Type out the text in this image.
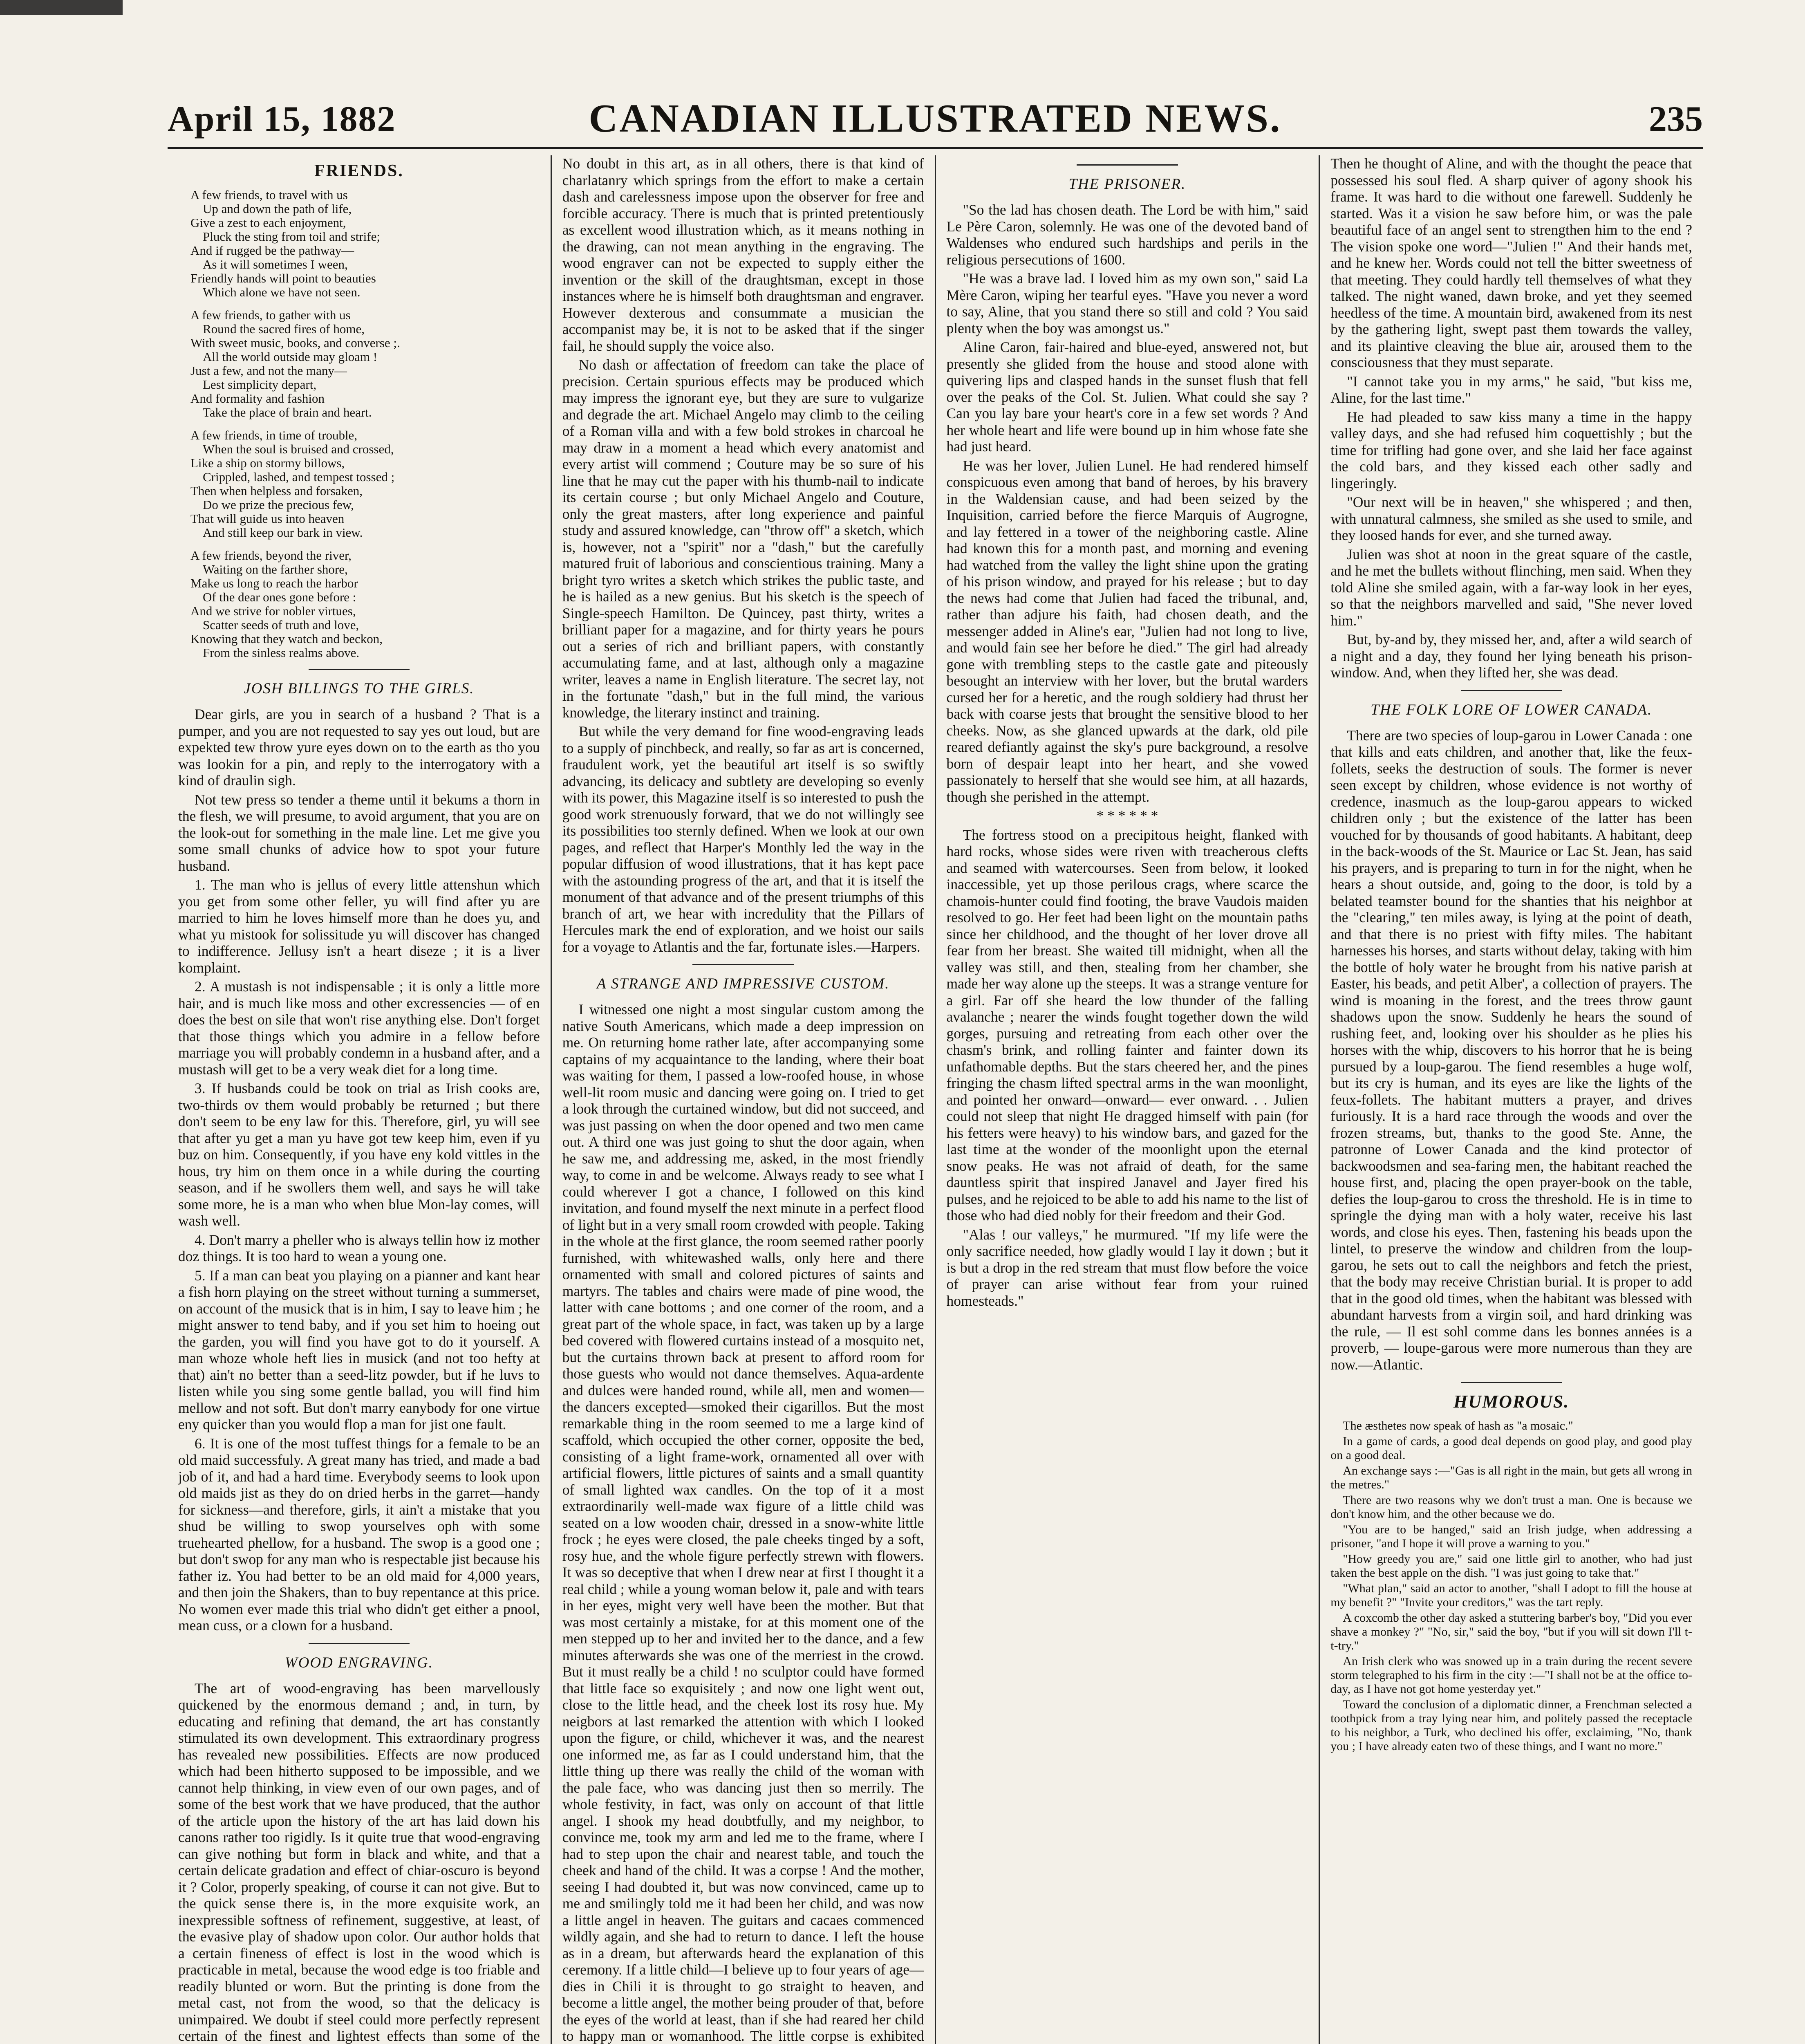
April 15, 1882	CANADIAN ILLUSTRATED NEWS.	235
FRIENDS.
A few friends, to travel with us
Up and down the path of life,
Give a zest to each enjoyment,
Pluck the sting from toil and strife;
And if rugged be the pathway—
As it will sometimes I ween,
Friendly hands will point to beauties
Which alone we have not seen.
A few friends, to gather with us
Round the sacred fires of home,
With sweet music, books, and converse ;.
All the world outside may gloam !
Just a few, and not the many—
Lest simplicity depart,
And formality and fashion
Take the place of brain and heart.
A few friends, in time of trouble,
When the soul is bruised and crossed,
Like a ship on stormy billows,
Crippled, lashed, and tempest tossed ;
Then when helpless and forsaken,
Do we prize the precious few,
That will guide us into heaven
And still keep our bark in view.
A few friends, beyond the river,
Waiting on the farther shore,
Make us long to reach the harbor
Of the dear ones gone before :
And we strive for nobler virtues,
Scatter seeds of truth and love,
Knowing that they watch and beckon,
From the sinless realms above.
JOSH BILLINGS TO THE GIRLS.

Dear girls, are you in search of a husband ? That is a pumper, and you are not requested to say yes out loud, but are expekted tew throw yure eyes down on to the earth as tho you was lookin for a pin, and reply to the interrogatory with a kind of draulin sigh.

Not tew press so tender a theme until it bekums a thorn in the flesh, we will presume, to avoid argument, that you are on the look-out for something in the male line. Let me give you some small chunks of advice how to spot your future husband.

1. The man who is jellus of every little attenshun which you get from some other feller, yu will find after yu are married to him he loves himself more than he does yu, and what yu mistook for solissitude yu will discover has changed to indifference. Jellusy isn't a heart diseze ; it is a liver komplaint.

2. A mustash is not indispensable ; it is only a little more hair, and is much like moss and other excressencies — of en does the best on sile that won't rise anything else. Don't forget that those things which you admire in a fellow before marriage you will probably condemn in a husband after, and a mustash will get to be a very weak diet for a long time.

3. If husbands could be took on trial as Irish cooks are, two-thirds ov them would probably be returned ; but there don't seem to be eny law for this. Therefore, girl, yu will see that after yu get a man yu have got tew keep him, even if yu buz on him. Consequently, if you have eny kold vittles in the hous, try him on them once in a while during the courting season, and if he swollers them well, and says he will take some more, he is a man who when blue Mon-lay comes, will wash well.

4. Don't marry a pheller who is always tellin how iz mother doz things. It is too hard to wean a young one.

5. If a man can beat you playing on a pianner and kant hear a fish horn playing on the street without turning a summerset, on account of the musick that is in him, I say to leave him ; he might answer to tend baby, and if you set him to hoeing out the garden, you will find you have got to do it yourself. A man whoze whole heft lies in musick (and not too hefty at that) ain't no better than a seed-litz powder, but if he luvs to listen while you sing some gentle ballad, you will find him mellow and not soft. But don't marry eanybody for one virtue eny quicker than you would flop a man for jist one fault.

6. It is one of the most tuffest things for a female to be an old maid successfuly. A great many has tried, and made a bad job of it, and had a hard time. Everybody seems to look upon old maids jist as they do on dried herbs in the garret—handy for sickness—and therefore, girls, it ain't a mistake that you shud be willing to swop yourselves oph with some truehearted phellow, for a husband. The swop is a good one ; but don't swop for any man who is respectable jist because his father iz. You had better to be an old maid for 4,000 years, and then join the Shakers, than to buy repentance at this price. No women ever made this trial who didn't get either a pnool, mean cuss, or a clown for a husband.

WOOD ENGRAVING.

The art of wood-engraving has been marvellously quickened by the enormous demand ; and, in turn, by educating and refining that demand, the art has constantly stimulated its own development. This extraordinary progress has revealed new possibilities. Effects are now produced which had been hitherto supposed to be impossible, and we cannot help thinking, in view even of our own pages, and of some of the best work that we have produced, that the author of the article upon the history of the art has laid down his canons rather too rigidly. Is it quite true that wood-engraving can give nothing but form in black and white, and that a certain delicate gradation and effect of chiar-oscuro is beyond it ? Color, properly speaking, of course it can not give. But to the quick sense there is, in the more exquisite work, an inexpressible softness of refinement, suggestive, at least, of the evasive play of shadow upon color. Our author holds that a certain fineness of effect is lost in the wood which is practicable in metal, because the wood edge is too friable and readily blunted or worn. But the printing is done from the metal cast, not from the wood, so that the delicacy is unimpaired. We doubt if steel could more perfectly represent certain of the finest and lightest effects than some of the

No doubt in this art, as in all others, there is that kind of charlatanry which springs from the effort to make a certain dash and carelessness impose upon the observer for free and forcible accuracy. There is much that is printed pretentiously as excellent wood illustration which, as it means nothing in the drawing, can not mean anything in the engraving. The wood engraver can not be expected to supply either the invention or the skill of the draughtsman, except in those instances where he is himself both draughtsman and engraver. However dexterous and consummate a musician the accompanist may be, it is not to be asked that if the singer fail, he should supply the voice also.

No dash or affectation of freedom can take the place of precision. Certain spurious effects may be produced which may impress the ignorant eye, but they are sure to vulgarize and degrade the art. Michael Angelo may climb to the ceiling of a Roman villa and with a few bold strokes in charcoal he may draw in a moment a head which every anatomist and every artist will commend ; Couture may be so sure of his line that he may cut the paper with his thumb-nail to indicate its certain course ; but only Michael Angelo and Couture, only the great masters, after long experience and painful study and assured knowledge, can "throw off" a sketch, which is, however, not a "spirit" nor a "dash," but the carefully matured fruit of laborious and conscientious training. Many a bright tyro writes a sketch which strikes the public taste, and he is hailed as a new genius. But his sketch is the speech of Single-speech Hamilton. De Quincey, past thirty, writes a brilliant paper for a magazine, and for thirty years he pours out a series of rich and brilliant papers, with constantly accumulating fame, and at last, although only a magazine writer, leaves a name in English literature. The secret lay, not in the fortunate "dash," but in the full mind, the various knowledge, the literary instinct and training.

But while the very demand for fine wood-engraving leads to a supply of pinchbeck, and really, so far as art is concerned, fraudulent work, yet the beautiful art itself is so swiftly advancing, its delicacy and subtlety are developing so evenly with its power, this Magazine itself is so interested to push the good work strenuously forward, that we do not willingly see its possibilities too sternly defined. When we look at our own pages, and reflect that Harper's Monthly led the way in the popular diffusion of wood illustrations, that it has kept pace with the astounding progress of the art, and that it is itself the monument of that advance and of the present triumphs of this branch of art, we hear with incredulity that the Pillars of Hercules mark the end of exploration, and we hoist our sails for a voyage to Atlantis and the far, fortunate isles.—Harpers.

A STRANGE AND IMPRESSIVE CUSTOM.

I witnessed one night a most singular custom among the native South Americans, which made a deep impression on me. On returning home rather late, after accompanying some captains of my acquaintance to the landing, where their boat was waiting for them, I passed a low-roofed house, in whose well-lit room music and dancing were going on. I tried to get a look through the curtained window, but did not succeed, and was just passing on when the door opened and two men came out. A third one was just going to shut the door again, when he saw me, and addressing me, asked, in the most friendly way, to come in and be welcome. Always ready to see what I could wherever I got a chance, I followed on this kind invitation, and found myself the next minute in a perfect flood of light but in a very small room crowded with people. Taking in the whole at the first glance, the room seemed rather poorly furnished, with whitewashed walls, only here and there ornamented with small and colored pictures of saints and martyrs. The tables and chairs were made of pine wood, the latter with cane bottoms ; and one corner of the room, and a great part of the whole space, in fact, was taken up by a large bed covered with flowered curtains instead of a mosquito net, but the curtains thrown back at present to afford room for those guests who would not dance themselves. Aqua-ardente and dulces were handed round, while all, men and women—the dancers excepted—smoked their cigarillos. But the most remarkable thing in the room seemed to me a large kind of scaffold, which occupied the other corner, opposite the bed, consisting of a light frame-work, ornamented all over with artificial flowers, little pictures of saints and a small quantity of small lighted wax candles. On the top of it a most extraordinarily well-made wax figure of a little child was seated on a low wooden chair, dressed in a snow-white little frock ; he eyes were closed, the pale cheeks tinged by a soft, rosy hue, and the whole figure perfectly strewn with flowers. It was so deceptive that when I drew near at first I thought it a real child ; while a young woman below it, pale and with tears in her eyes, might very well have been the mother. But that was most certainly a mistake, for at this moment one of the men stepped up to her and invited her to the dance, and a few minutes afterwards she was one of the merriest in the crowd. But it must really be a child ! no sculptor could have formed that little face so exquisitely ; and now one light went out, close to the little head, and the cheek lost its rosy hue. My neigbors at last remarked the attention with which I looked upon the figure, or child, whichever it was, and the nearest one informed me, as far as I could understand him, that the little thing up there was really the child of the woman with the pale face, who was dancing just then so merrily. The whole festivity, in fact, was only on account of that little angel. I shook my head doubtfully, and my neighbor, to convince me, took my arm and led me to the frame, where I had to step upon the chair and nearest table, and touch the cheek and hand of the child. It was a corpse ! And the mother, seeing I had doubted it, but was now convinced, came up to me and smilingly told me it had been her child, and was now a little angel in heaven. The guitars and cacaes commenced wildly again, and she had to return to dance. I left the house as in a dream, but afterwards heard the explanation of this ceremony. If a little child—I believe up to four years of age—dies in Chili it is throught to go straight to heaven, and become a little angel, the mother being prouder of that, before the eyes of the world at least, than if she had reared her child to happy man or womanhood. The little corpse is exhibited

THE PRISONER.

"So the lad has chosen death. The Lord be with him," said Le Père Caron, solemnly. He was one of the devoted band of Waldenses who endured such hardships and perils in the religious persecutions of 1600.

"He was a brave lad. I loved him as my own son," said La Mère Caron, wiping her tearful eyes. "Have you never a word to say, Aline, that you stand there so still and cold ? You said plenty when the boy was amongst us."

Aline Caron, fair-haired and blue-eyed, answered not, but presently she glided from the house and stood alone with quivering lips and clasped hands in the sunset flush that fell over the peaks of the Col. St. Julien. What could she say ? Can you lay bare your heart's core in a few set words ? And her whole heart and life were bound up in him whose fate she had just heard.

He was her lover, Julien Lunel. He had rendered himself conspicuous even among that band of heroes, by his bravery in the Waldensian cause, and had been seized by the Inquisition, carried before the fierce Marquis of Augrogne, and lay fettered in a tower of the neighboring castle. Aline had known this for a month past, and morning and evening had watched from the valley the light shine upon the grating of his prison window, and prayed for his release ; but to day the news had come that Julien had faced the tribunal, and, rather than adjure his faith, had chosen death, and the messenger added in Aline's ear, "Julien had not long to live, and would fain see her before he died." The girl had already gone with trembling steps to the castle gate and piteously besought an interview with her lover, but the brutal warders cursed her for a heretic, and the rough soldiery had thrust her back with coarse jests that brought the sensitive blood to her cheeks. Now, as she glanced upwards at the dark, old pile reared defiantly against the sky's pure background, a resolve born of despair leapt into her heart, and she vowed passionately to herself that she would see him, at all hazards, though she perished in the attempt.

* * * * * *

The fortress stood on a precipitous height, flanked with hard rocks, whose sides were riven with treacherous clefts and seamed with watercourses. Seen from below, it looked inaccessible, yet up those perilous crags, where scarce the chamois-hunter could find footing, the brave Vaudois maiden resolved to go. Her feet had been light on the mountain paths since her childhood, and the thought of her lover drove all fear from her breast. She waited till midnight, when all the valley was still, and then, stealing from her chamber, she made her way alone up the steeps. It was a strange venture for a girl. Far off she heard the low thunder of the falling avalanche ; nearer the winds fought together down the wild gorges, pursuing and retreating from each other over the chasm's brink, and rolling fainter and fainter down its unfathomable depths. But the stars cheered her, and the pines fringing the chasm lifted spectral arms in the wan moonlight, and pointed her onward—onward— ever onward. . . Julien could not sleep that night He dragged himself with pain (for his fetters were heavy) to his window bars, and gazed for the last time at the wonder of the moonlight upon the eternal snow peaks. He was not afraid of death, for the same dauntless spirit that inspired Janavel and Jayer fired his pulses, and he rejoiced to be able to add his name to the list of those who had died nobly for their freedom and their God.

"Alas ! our valleys," he murmured. "If my life were the only sacrifice needed, how gladly would I lay it down ; but it is but a drop in the red stream that must flow before the voice of prayer can arise without fear from your ruined homesteads."

Then he thought of Aline, and with the thought the peace that possessed his soul fled. A sharp quiver of agony shook his frame. It was hard to die without one farewell. Suddenly he started. Was it a vision he saw before him, or was the pale beautiful face of an angel sent to strengthen him to the end ? The vision spoke one word—"Julien !" And their hands met, and he knew her. Words could not tell the bitter sweetness of that meeting. They could hardly tell themselves of what they talked. The night waned, dawn broke, and yet they seemed heedless of the time. A mountain bird, awakened from its nest by the gathering light, swept past them towards the valley, and its plaintive cleaving the blue air, aroused them to the consciousness that they must separate.

"I cannot take you in my arms," he said, "but kiss me, Aline, for the last time."

He had pleaded to saw kiss many a time in the happy valley days, and she had refused him coquettishly ; but the time for trifling had gone over, and she laid her face against the cold bars, and they kissed each other sadly and lingeringly.

"Our next will be in heaven," she whispered ; and then, with unnatural calmness, she smiled as she used to smile, and they loosed hands for ever, and she turned away.

Julien was shot at noon in the great square of the castle, and he met the bullets without flinching, men said. When they told Aline she smiled again, with a far-way look in her eyes, so that the neighbors marvelled and said, "She never loved him."

But, by-and by, they missed her, and, after a wild search of a night and a day, they found her lying beneath his prison-window. And, when they lifted her, she was dead.

THE FOLK LORE OF LOWER CANADA.

There are two species of loup-garou in Lower Canada : one that kills and eats children, and another that, like the feux-follets, seeks the destruction of souls. The former is never seen except by children, whose evidence is not worthy of credence, inasmuch as the loup-garou appears to wicked children only ; but the existence of the latter has been vouched for by thousands of good habitants. A habitant, deep in the back-woods of the St. Maurice or Lac St. Jean, has said his prayers, and is preparing to turn in for the night, when he hears a shout outside, and, going to the door, is told by a belated teamster bound for the shanties that his neighbor at the "clearing," ten miles away, is lying at the point of death, and that there is no priest with fifty miles. The habitant harnesses his horses, and starts without delay, taking with him the bottle of holy water he brought from his native parish at Easter, his beads, and petit Alber', a collection of prayers. The wind is moaning in the forest, and the trees throw gaunt shadows upon the snow. Suddenly he hears the sound of rushing feet, and, looking over his shoulder as he plies his horses with the whip, discovers to his horror that he is being pursued by a loup-garou. The fiend resembles a huge wolf, but its cry is human, and its eyes are like the lights of the feux-follets. The habitant mutters a prayer, and drives furiously. It is a hard race through the woods and over the frozen streams, but, thanks to the good Ste. Anne, the patronne of Lower Canada and the kind protector of backwoodsmen and sea-faring men, the habitant reached the house first, and, placing the open prayer-book on the table, defies the loup-garou to cross the threshold. He is in time to springle the dying man with a holy water, receive his last words, and close his eyes. Then, fastening his beads upon the lintel, to preserve the window and children from the loup-garou, he sets out to call the neighbors and fetch the priest, that the body may receive Christian burial. It is proper to add that in the good old times, when the habitant was blessed with abundant harvests from a virgin soil, and hard drinking was the rule, — Il est sohl comme dans les bonnes années is a proverb, — loupe-garous were more numerous than they are now.—Atlantic.

HUMOROUS.

The æsthetes now speak of hash as "a mosaic."

In a game of cards, a good deal depends on good play, and good play on a good deal.

An exchange says :—"Gas is all right in the main, but gets all wrong in the metres."

There are two reasons why we don't trust a man. One is because we don't know him, and the other because we do.

"You are to be hanged," said an Irish judge, when addressing a prisoner, "and I hope it will prove a warning to you."

"How greedy you are," said one little girl to another, who had just taken the best apple on the dish. "I was just going to take that."

"What plan," said an actor to another, "shall I adopt to fill the house at my benefit ?" "Invite your creditors," was the tart reply.

A coxcomb the other day asked a stuttering barber's boy, "Did you ever shave a monkey ?" "No, sir," said the boy, "but if you will sit down I'll t-t-try."

An Irish clerk who was snowed up in a train during the recent severe storm telegraphed to his firm in the city :—"I shall not be at the office to-day, as I have not got home yesterday yet."

Toward the conclusion of a diplomatic dinner, a Frenchman selected a toothpick from a tray lying near him, and politely passed the receptacle to his neighbor, a Turk, who declined his offer, exclaiming, "No, thank you ; I have already eaten two of these things, and I want no more."
